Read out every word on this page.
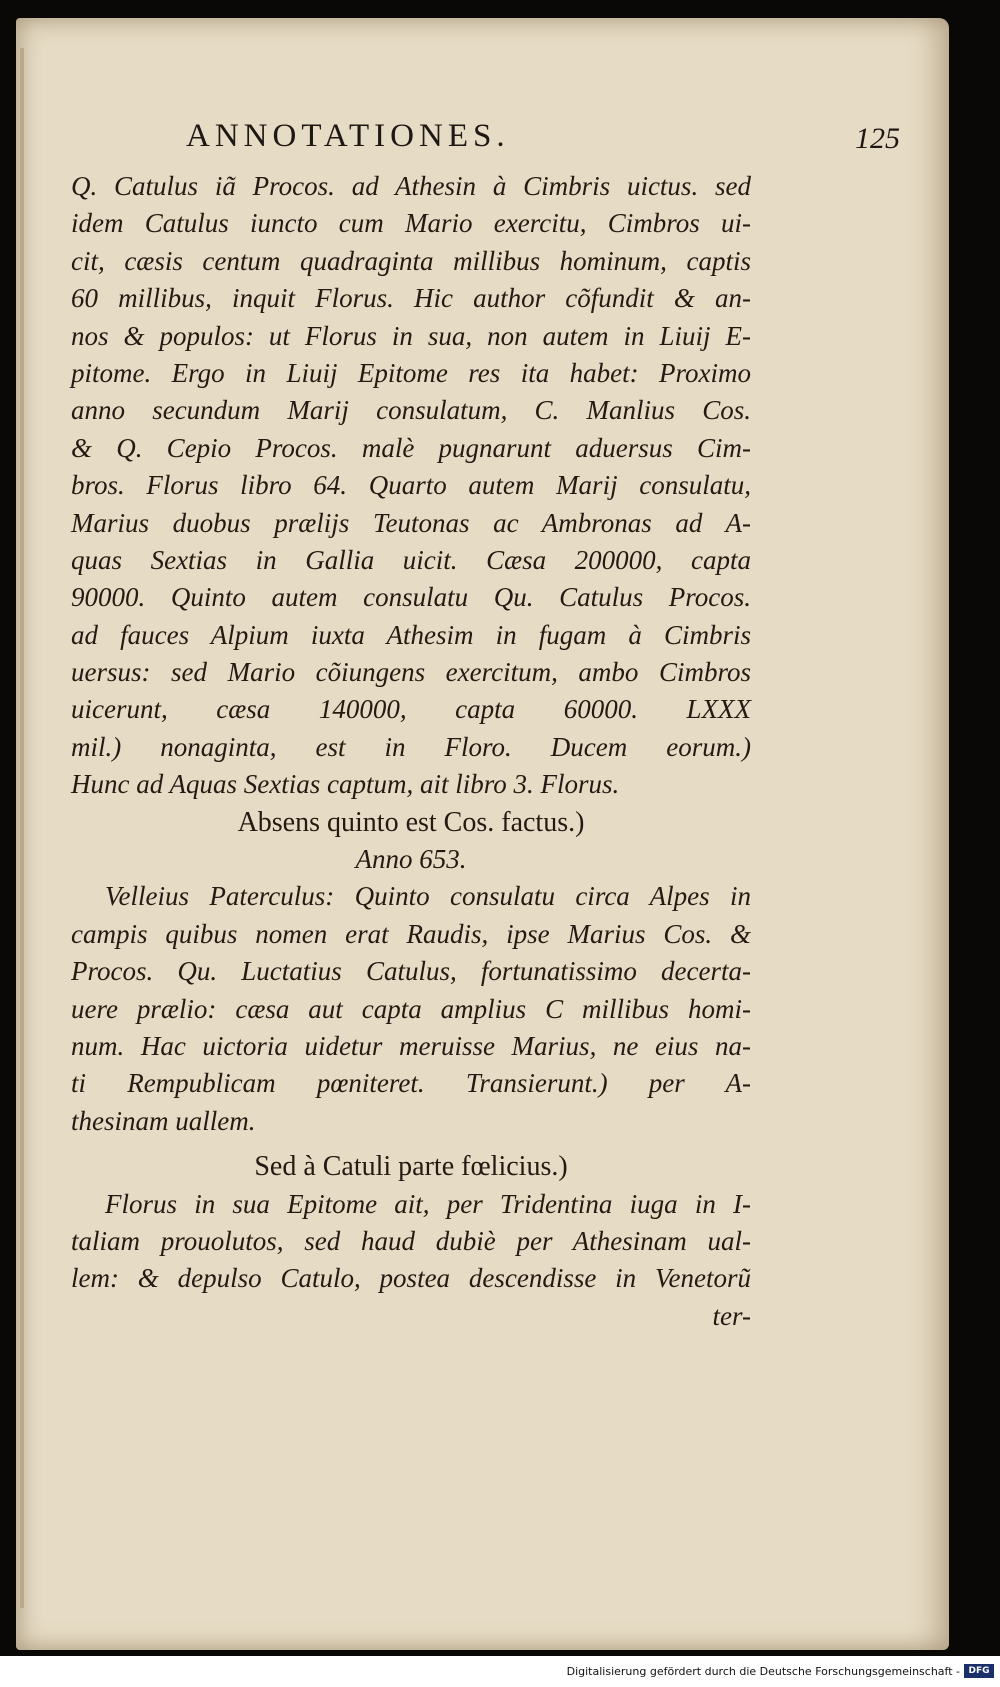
ANNOTATIONES.	125
Q. Catulus iã Procos. ad Athesin à Cimbris uictus. sed
idem Catulus iuncto cum Mario exercitu, Cimbros ui-
cit, cæsis centum quadraginta millibus hominum, captis
60 millibus, inquit Florus. Hic author cõfundit & an-
nos & populos: ut Florus in sua, non autem in Liuij E-
pitome. Ergo in Liuij Epitome res ita habet: Proximo
anno secundum Marij consulatum, C. Manlius Cos.
& Q. Cepio Procos. malè pugnarunt aduersus Cim-
bros. Florus libro 64. Quarto autem Marij consulatu,
Marius duobus prælijs Teutonas ac Ambronas ad A-
quas Sextias in Gallia uicit. Cæsa 200000, capta
90000. Quinto autem consulatu Qu. Catulus Procos.
ad fauces Alpium iuxta Athesim in fugam à Cimbris
uersus: sed Mario cõiungens exercitum, ambo Cimbros
uicerunt, cæsa 140000, capta 60000. LXXX
mil.) nonaginta, est in Floro. Ducem eorum.)
Hunc ad Aquas Sextias captum, ait libro 3. Florus.
Absens quinto est Cos. factus.)
Anno 653.
Velleius Paterculus: Quinto consulatu circa Alpes in
campis quibus nomen erat Raudis, ipse Marius Cos. &
Procos. Qu. Luctatius Catulus, fortunatissimo decerta-
uere prælio: cæsa aut capta amplius C millibus homi-
num. Hac uictoria uidetur meruisse Marius, ne eius na-
ti Rempublicam pœniteret. Transierunt.) per A-
thesinam uallem.
Sed à Catuli parte fœlicius.)
Florus in sua Epitome ait, per Tridentina iuga in I-
taliam prouolutos, sed haud dubiè per Athesinam ual-
lem: & depulso Catulo, postea descendisse in Venetorũ
ter-
Digitalisierung gefördert durch die Deutsche Forschungsgemeinschaft - DFG
